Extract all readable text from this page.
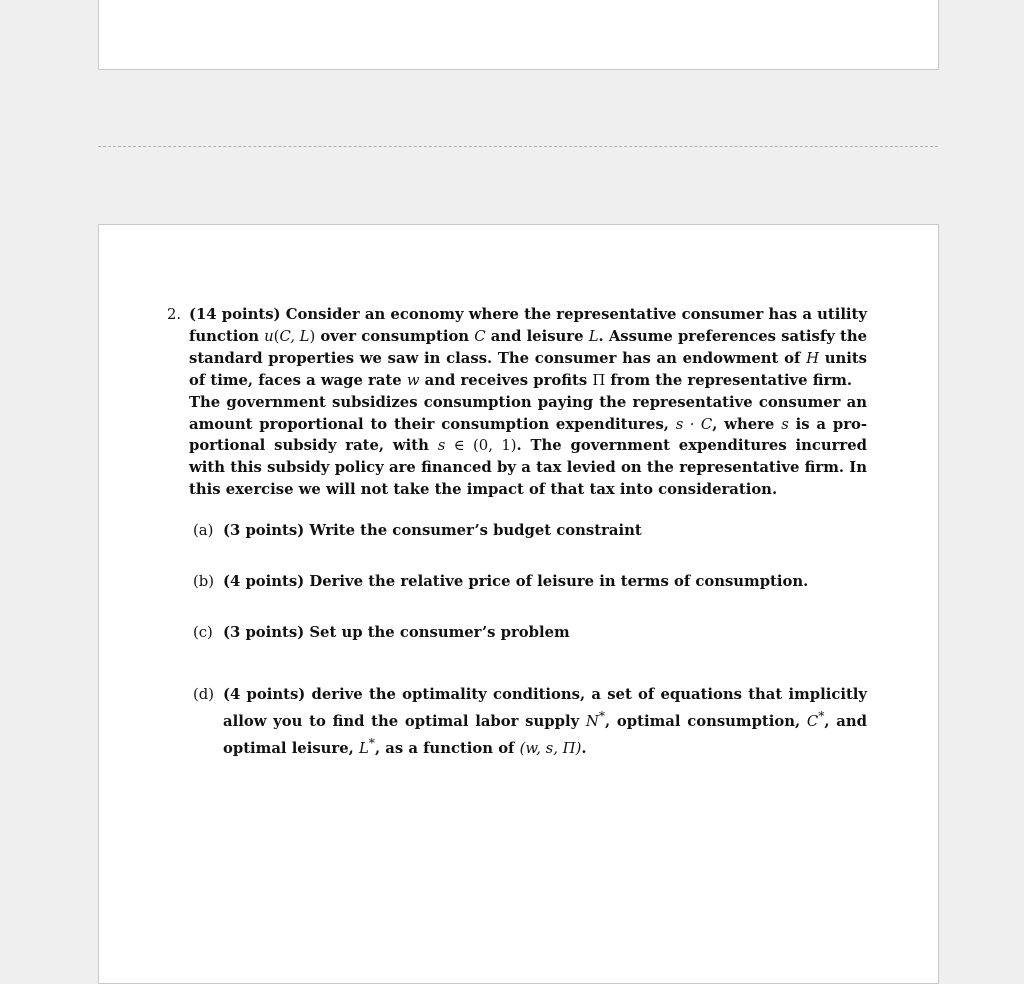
2. (14 points) Consider an economy where the representative consumer has a utility function u(C, L) over consumption C and leisure L. Assume preferences satisfy the standard properties we saw in class. The consumer has an endowment of H units of time, faces a wage rate w and receives profits Π from the representative firm.

The government subsidizes consumption paying the representative consumer an amount proportional to their consumption expenditures, s · C, where s is a proportional subsidy rate, with s ∈ (0, 1). The government expenditures incurred with this subsidy policy are financed by a tax levied on the representative firm. In this exercise we will not take the impact of that tax into consideration.

(a) (3 points) Write the consumer’s budget constraint
(b) (4 points) Derive the relative price of leisure in terms of consumption.
(c) (3 points) Set up the consumer’s problem
(d) (4 points) derive the optimality conditions, a set of equations that implicitly allow you to find the optimal labor supply N*, optimal consumption, C*, and optimal leisure, L*, as a function of (w, s, Π).
